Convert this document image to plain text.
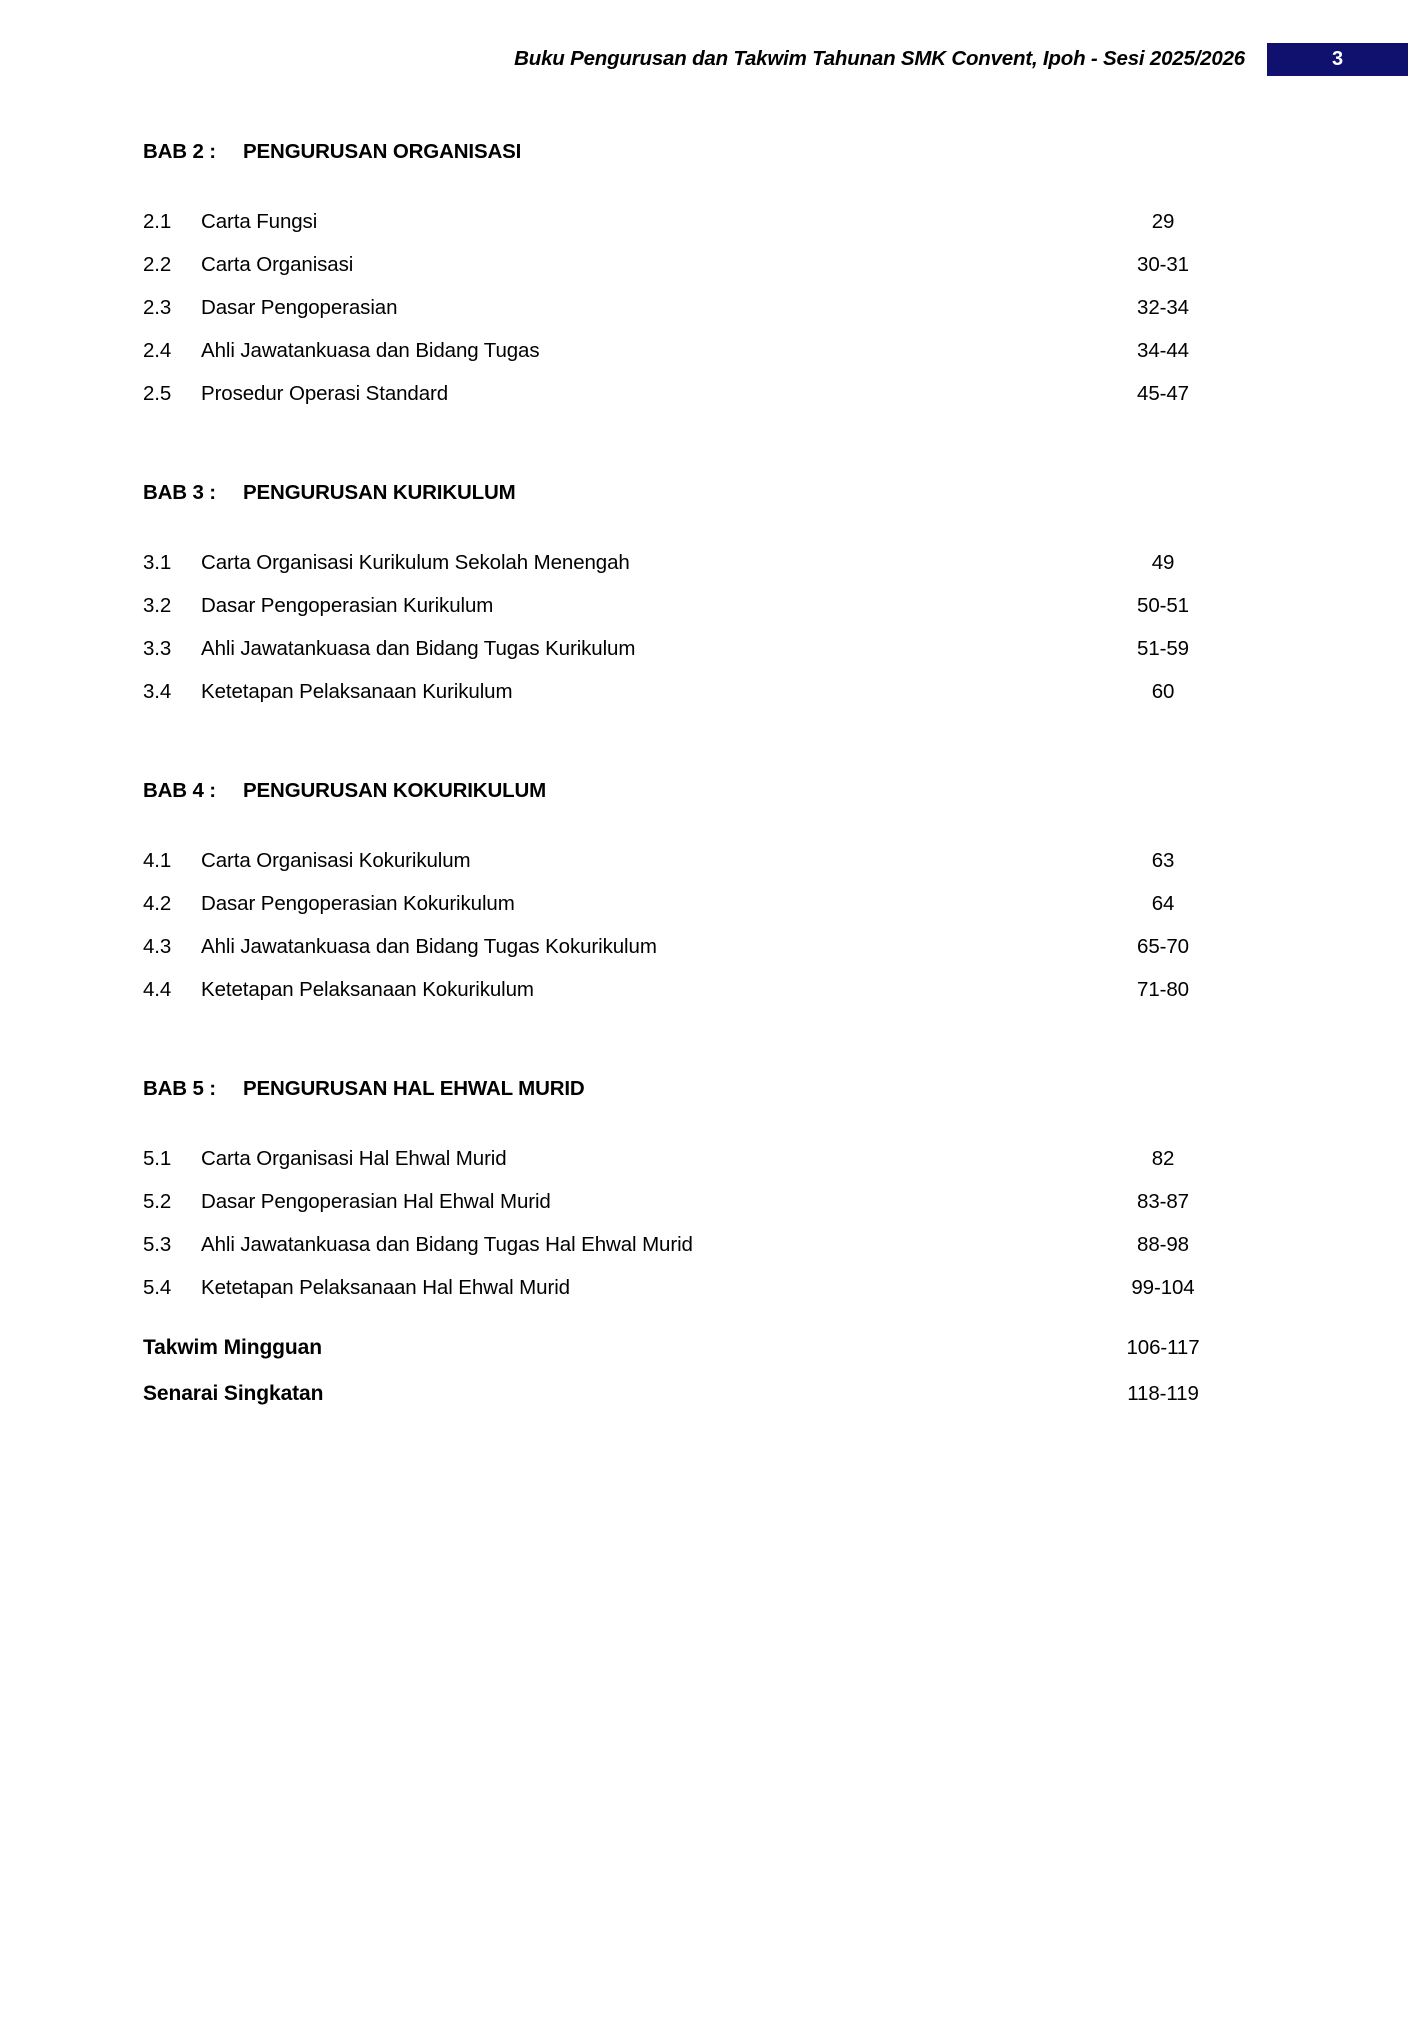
Buku Pengurusan dan Takwim Tahunan SMK Convent, Ipoh - Sesi 2025/2026	3
BAB 2 :	PENGURUSAN ORGANISASI
2.1	Carta Fungsi	29
2.2	Carta Organisasi	30-31
2.3	Dasar Pengoperasian	32-34
2.4	Ahli Jawatankuasa dan Bidang Tugas	34-44
2.5	Prosedur Operasi Standard	45-47
BAB 3 :	PENGURUSAN KURIKULUM
3.1	Carta Organisasi Kurikulum Sekolah Menengah	49
3.2	Dasar Pengoperasian Kurikulum	50-51
3.3	Ahli Jawatankuasa dan Bidang Tugas Kurikulum	51-59
3.4	Ketetapan Pelaksanaan Kurikulum	60
BAB 4 :	PENGURUSAN KOKURIKULUM
4.1	Carta Organisasi Kokurikulum	63
4.2	Dasar Pengoperasian Kokurikulum	64
4.3	Ahli Jawatankuasa dan Bidang Tugas Kokurikulum	65-70
4.4	Ketetapan Pelaksanaan Kokurikulum	71-80
BAB 5 :	PENGURUSAN HAL EHWAL MURID
5.1	Carta Organisasi Hal Ehwal Murid	82
5.2	Dasar Pengoperasian Hal Ehwal Murid	83-87
5.3	Ahli Jawatankuasa dan Bidang Tugas Hal Ehwal Murid	88-98
5.4	Ketetapan Pelaksanaan Hal Ehwal Murid	99-104
Takwim Mingguan	106-117
Senarai Singkatan	118-119
